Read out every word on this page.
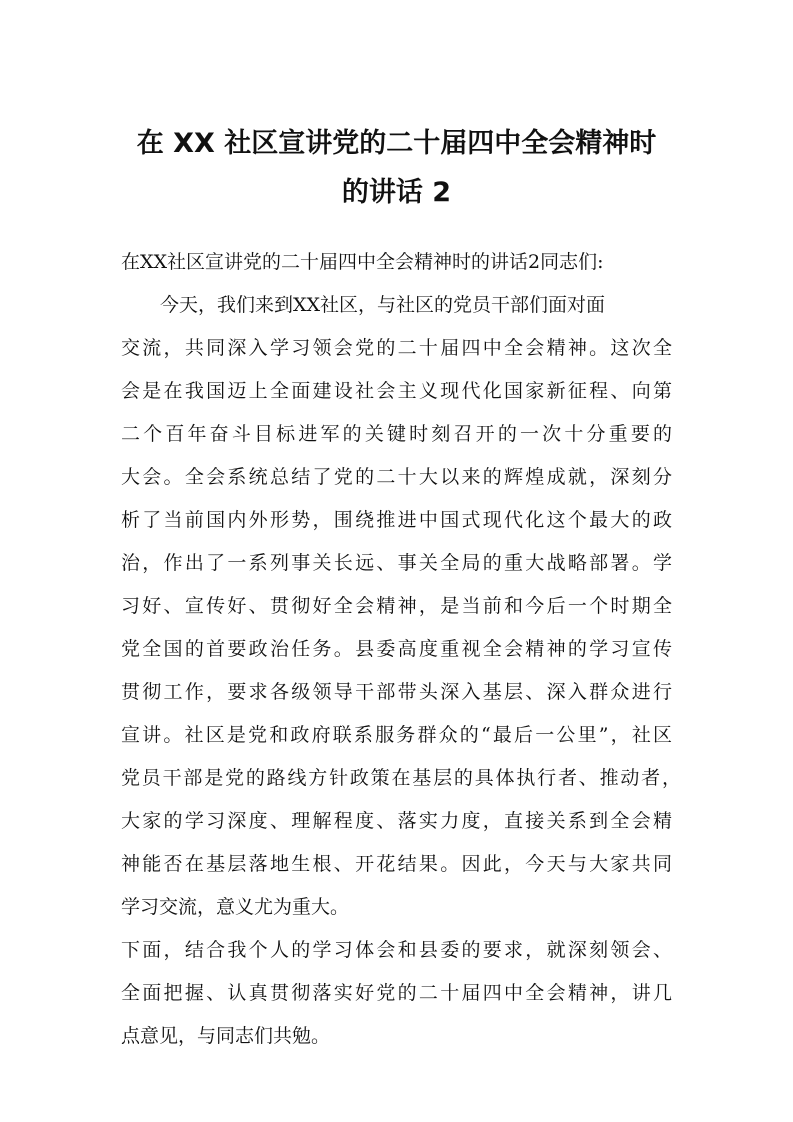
在 XX 社区宣讲党的二十届四中全会精神时
的讲话 2
在XX社区宣讲党的二十届四中全会精神时的讲话2同志们:
今天，我们来到XX社区，与社区的党员干部们面对面
交流，共同深入学习领会党的二十届四中全会精神。这次全
会是在我国迈上全面建设社会主义现代化国家新征程、向第
二个百年奋斗目标进军的关键时刻召开的一次十分重要的
大会。全会系统总结了党的二十大以来的辉煌成就，深刻分
析了当前国内外形势，围绕推进中国式现代化这个最大的政
治，作出了一系列事关长远、事关全局的重大战略部署。学
习好、宣传好、贯彻好全会精神，是当前和今后一个时期全
党全国的首要政治任务。县委高度重视全会精神的学习宣传
贯彻工作，要求各级领导干部带头深入基层、深入群众进行
宣讲。社区是党和政府联系服务群众的“最后一公里”，社区
党员干部是党的路线方针政策在基层的具体执行者、推动者，
大家的学习深度、理解程度、落实力度，直接关系到全会精
神能否在基层落地生根、开花结果。因此，今天与大家共同
学习交流，意义尤为重大。
下面，结合我个人的学习体会和县委的要求，就深刻领会、
全面把握、认真贯彻落实好党的二十届四中全会精神，讲几
点意见，与同志们共勉。
